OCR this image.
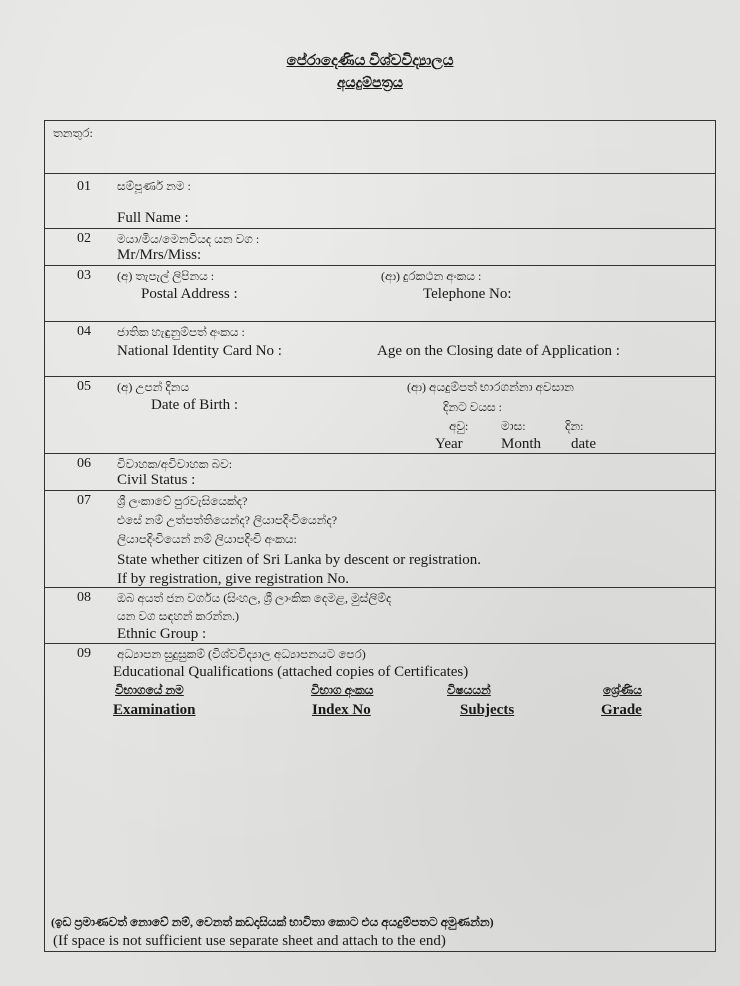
පේරාදෙණිය විශ්වවිද්‍යාලය
අයදුම්පත්‍රය
තනතුර:
01 සම්පූර්ණ නම :
Full Name :
02 මයා/මිය/මෙනවියද යන වග :
Mr/Mrs/Miss:
03 (අ) තැපැල් ලිපිනය :
Postal Address :
(ආ) දුරකථන අංකය :
Telephone No:
04 ජාතික හැඳුනුම්පත් අංකය :
National Identity Card No :	Age on the Closing date of Application :
05 (අ) උපන් දිනය
Date of Birth :
(ආ) අයදුම්පත් භාරගන්නා අවසාන
දිනට වයස :
අවු:	මාස:	දින:
Year	Month date
06 විවාහක/අවිවාහක බව:
Civil Status :
07 ශ්‍රී ලංකාවේ පුරවැසියෙක්ද?
එසේ නම් උත්පත්තියෙන්ද? ලියාපදිංචියෙන්ද?
ලියාපදිංචියෙන් නම් ලියාපදිංචි අංකය:
State whether citizen of Sri Lanka by descent or registration.
If by registration, give registration No.
08 ඔබ අයත් ජන වර්ගය (සිංහල, ශ්‍රී ලාංකික දෙමළ, මුස්ලිම්ද
යන වග සඳහන් කරන්න.)
Ethnic Group :
09 අධ්‍යාපන සුදුසුකම් (විශ්වවිද්‍යාල අධ්‍යාපනයට පෙර)
Educational Qualifications (attached copies of Certificates)
විභාගයේ නම	විභාග අංකය	විෂයයන්	ශ්‍රේණිය
Examination	Index No	Subjects	Grade
(ඉඩ ප්‍රමාණවත් නොවේ නම්, වෙනත් කඩදාසියක් භාවිතා කොට එය අයදුම්පතට අමුණන්න)
(If space is not sufficient use separate sheet and attach to the end)
